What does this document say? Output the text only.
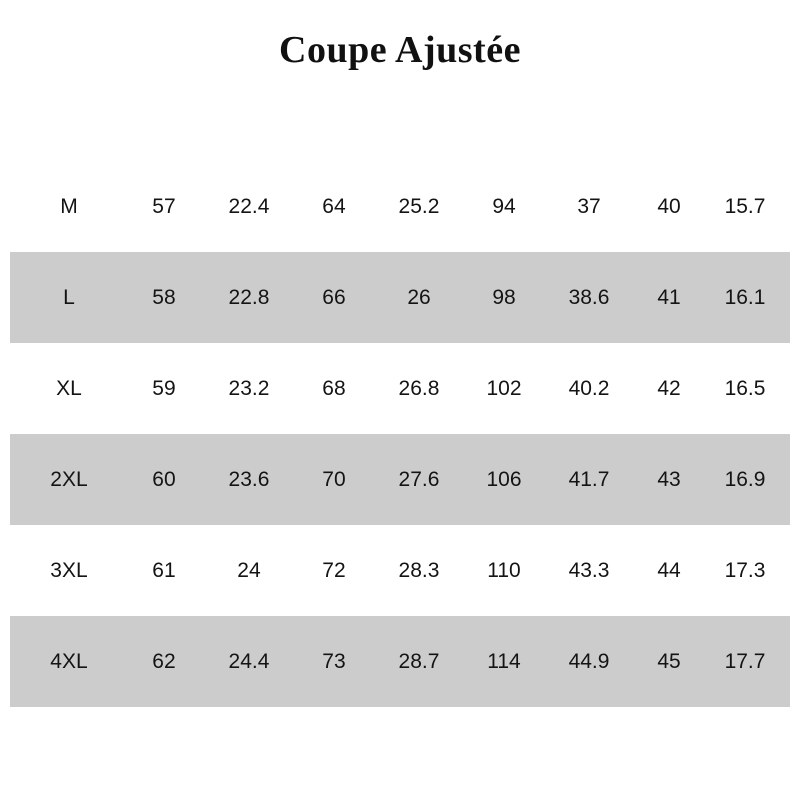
Coupe Ajustée
Taille	Longueur des manches		Longueur		Tour de poitrine		Largeur d'épaules	
	cm	pouces	cm	pouces	cm	pouces	cm	pouces
M	57	22.4	64	25.2	94	37	40	15.7
L	58	22.8	66	26	98	38.6	41	16.1
XL	59	23.2	68	26.8	102	40.2	42	16.5
2XL	60	23.6	70	27.6	106	41.7	43	16.9
3XL	61	24	72	28.3	110	43.3	44	17.3
4XL	62	24.4	73	28.7	114	44.9	45	17.7
